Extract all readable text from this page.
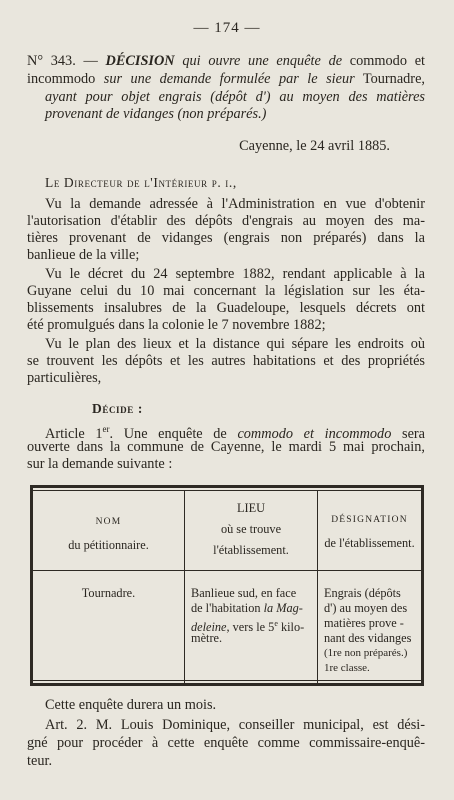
— 174 —
N° 343. — DÉCISION qui ouvre une enquête de commodo et
incommodo sur une demande formulée par le sieur Tournadre,
ayant pour objet engrais (dépôt d') au moyen des matières
provenant de vidanges (non préparés.)
Cayenne, le 24 avril 1885.
Le Directeur de l'Intérieur p. i.,
Vu la demande adressée à l'Administration en vue d'obtenir
l'autorisation d'établir des dépôts d'engrais au moyen des ma-
tières provenant de vidanges (engrais non préparés) dans la
banlieue de la ville;
Vu le décret du 24 septembre 1882, rendant applicable à la
Guyane celui du 10 mai concernant la législation sur les éta-
blissements insalubres de la Guadeloupe, lesquels décrets ont
été promulgués dans la colonie le 7 novembre 1882;
Vu le plan des lieux et la distance qui sépare les endroits où
se trouvent les dépôts et les autres habitations et des propriétés
particulières,
Décide :
Article 1er. Une enquête de commodo et incommodo sera
ouverte dans la commune de Cayenne, le mardi 5 mai prochain,
sur la demande suivante :
NOM
du pétitionnaire.
LIEU
où se trouve
l'établissement.
DÉSIGNATION
de l'établissement.
Tournadre.	Banlieue sud, en face
de l'habitation la Mag-
deleine, vers le 5e kilo-
mètre.
Engrais (dépôts
d') au moyen des
matières prove -
nant des vidanges
(1re non préparés.)
1re classe.
Cette enquête durera un mois.
Art. 2. M. Louis Dominique, conseiller municipal, est dési-
gné pour procéder à cette enquête comme commissaire-enquê-
teur.
